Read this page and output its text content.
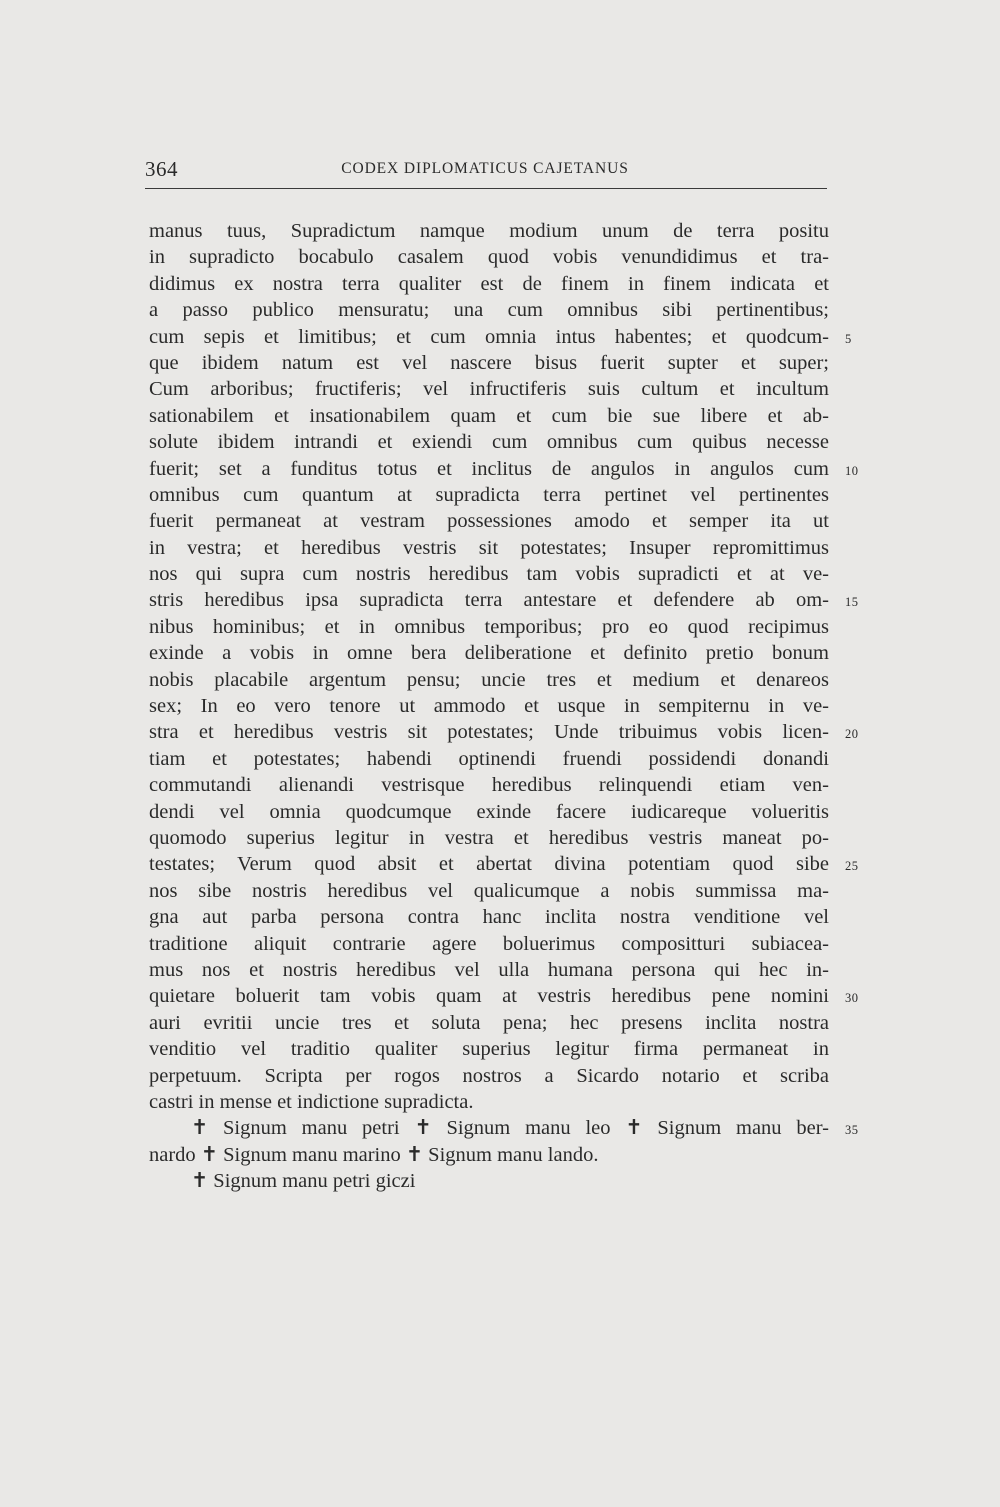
364	CODEX DIPLOMATICUS CAJETANUS
manus tuus, Supradictum namque modium unum de terra positu
in supradicto bocabulo casalem quod vobis venundidimus et tra-
didimus ex nostra terra qualiter est de finem in finem indicata et
a passo publico mensuratu; una cum omnibus sibi pertinentibus;
cum sepis et limitibus; et cum omnia intus habentes; et quodcum- 5
que ibidem natum est vel nascere bisus fuerit supter et super;
Cum arboribus; fructiferis; vel infructiferis suis cultum et incultum
sationabilem et insationabilem quam et cum bie sue libere et ab-
solute ibidem intrandi et exiendi cum omnibus cum quibus necesse
fuerit; set a funditus totus et inclitus de angulos in angulos cum 10
omnibus cum quantum at supradicta terra pertinet vel pertinentes
fuerit permaneat at vestram possessiones amodo et semper ita ut
in vestra; et heredibus vestris sit potestates; Insuper repromittimus
nos qui supra cum nostris heredibus tam vobis supradicti et at ve-
stris heredibus ipsa supradicta terra antestare et defendere ab om- 15
nibus hominibus; et in omnibus temporibus; pro eo quod recipimus
exinde a vobis in omne bera deliberatione et definito pretio bonum
nobis placabile argentum pensu; uncie tres et medium et denareos
sex; In eo vero tenore ut ammodo et usque in sempiternu in ve-
stra et heredibus vestris sit potestates; Unde tribuimus vobis licen- 20
tiam et potestates; habendi optinendi fruendi possidendi donandi
commutandi alienandi vestrisque heredibus relinquendi etiam ven-
dendi vel omnia quodcumque exinde facere iudicareque volueritis
quomodo superius legitur in vestra et heredibus vestris maneat po-
testates; Verum quod absit et abertat divina potentiam quod sibe 25
nos sibe nostris heredibus vel qualicumque a nobis summissa ma-
gna aut parba persona contra hanc inclita nostra venditione vel
traditione aliquit contrarie agere boluerimus compositturi subiacea-
mus nos et nostris heredibus vel ulla humana persona qui hec in-
quietare boluerit tam vobis quam at vestris heredibus pene nomini 30
auri evritii uncie tres et soluta pena; hec presens inclita nostra
venditio vel traditio qualiter superius legitur firma permaneat in
perpetuum. Scripta per rogos nostros a Sicardo notario et scriba
castri in mense et indictione supradicta.
✝ Signum manu petri ✝ Signum manu leo ✝ Signum manu ber- 35
nardo ✝ Signum manu marino ✝ Signum manu lando.
✝ Signum manu petri giczi
